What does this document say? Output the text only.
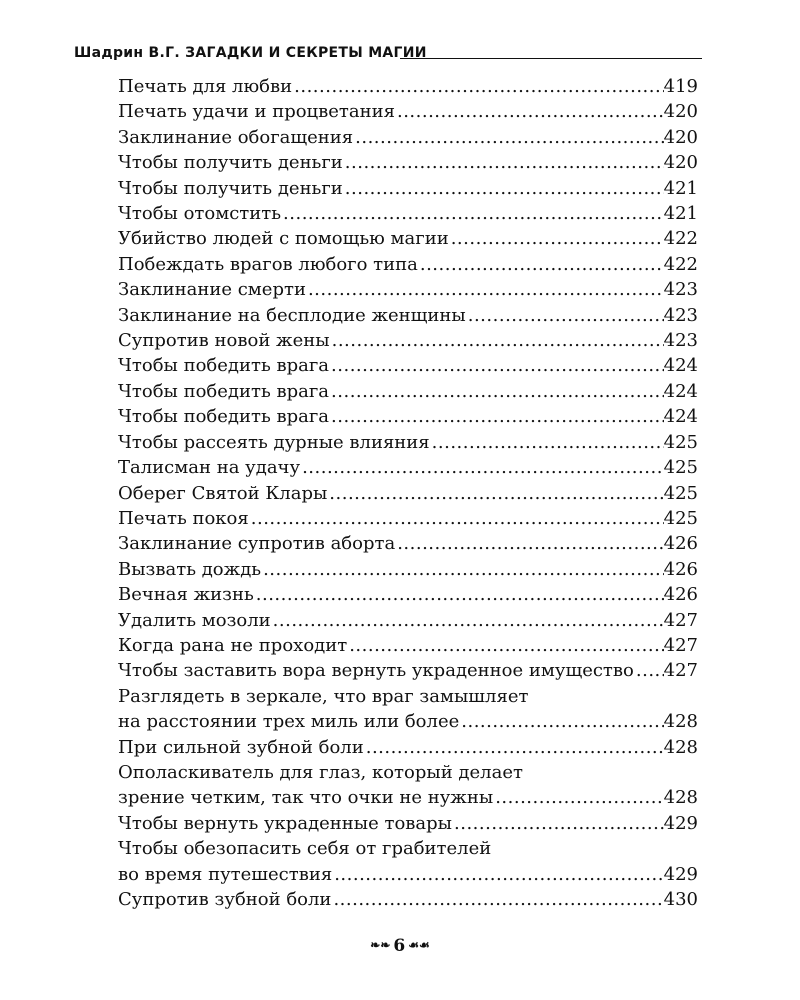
Шадрин В.Г. ЗАГАДКИ И СЕКРЕТЫ МАГИИ
Печать для любви .....	419
Печать удачи и процветания .....	420
Заклинание обогащения .....	420
Чтобы получить деньги .....	420
Чтобы получить деньги .....	421
Чтобы отомстить .....	421
Убийство людей с помощью магии .....	422
Побеждать врагов любого типа .....	422
Заклинание смерти .....	423
Заклинание на бесплодие женщины .....	423
Супротив новой жены .....	423
Чтобы победить врага .....	424
Чтобы победить врага .....	424
Чтобы победить врага .....	424
Чтобы рассеять дурные влияния .....	425
Талисман на удачу .....	425
Оберег Святой Клары .....	425
Печать покоя .....	425
Заклинание супротив аборта .....	426
Вызвать дождь .....	426
Вечная жизнь .....	426
Удалить мозоли .....	427
Когда рана не проходит .....	427
Чтобы заставить вора вернуть украденное имущество ..... 427
Разглядеть в зеркале, что враг замышляет
на расстоянии трех миль или более .....	428
При сильной зубной боли .....	428
Ополаскиватель для глаз, который делает
зрение четким, так что очки не нужны .....	428
Чтобы вернуть украденные товары .....	429
Чтобы обезопасить себя от грабителей
во время путешествия .....	429
Супротив зубной боли .....	430
❧❧ 6 ☙☙
